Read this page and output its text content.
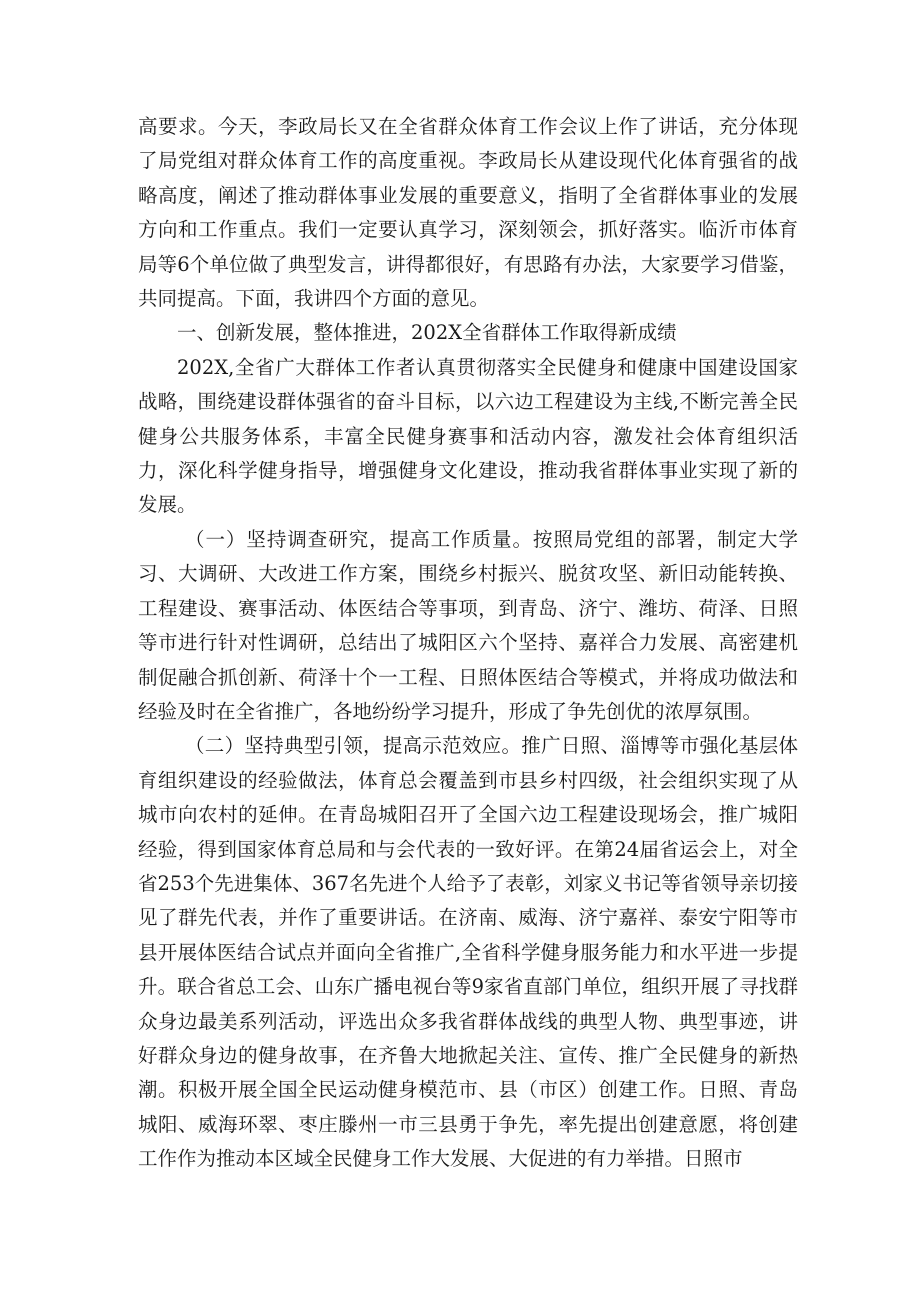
高要求。今天，李政局长又在全省群众体育工作会议上作了讲话，充分体现了局党组对群众体育工作的高度重视。李政局长从建设现代化体育强省的战略高度，阐述了推动群体事业发展的重要意义，指明了全省群体事业的发展方向和工作重点。我们一定要认真学习，深刻领会，抓好落实。临沂市体育局等6个单位做了典型发言，讲得都很好，有思路有办法，大家要学习借鉴，共同提高。下面，我讲四个方面的意见。

一、创新发展，整体推进，202X全省群体工作取得新成绩

202X,全省广大群体工作者认真贯彻落实全民健身和健康中国建设国家战略，围绕建设群体强省的奋斗目标，以六边工程建设为主线,不断完善全民健身公共服务体系，丰富全民健身赛事和活动内容，激发社会体育组织活力，深化科学健身指导，增强健身文化建设，推动我省群体事业实现了新的发展。

（一）坚持调查研究，提高工作质量。按照局党组的部署，制定大学习、大调研、大改进工作方案，围绕乡村振兴、脱贫攻坚、新旧动能转换、工程建设、赛事活动、体医结合等事项，到青岛、济宁、潍坊、荷泽、日照等市进行针对性调研，总结出了城阳区六个坚持、嘉祥合力发展、高密建机制促融合抓创新、荷泽十个一工程、日照体医结合等模式，并将成功做法和经验及时在全省推广，各地纷纷学习提升，形成了争先创优的浓厚氛围。

（二）坚持典型引领，提高示范效应。推广日照、淄博等市强化基层体育组织建设的经验做法，体育总会覆盖到市县乡村四级，社会组织实现了从城市向农村的延伸。在青岛城阳召开了全国六边工程建设现场会，推广城阳经验，得到国家体育总局和与会代表的一致好评。在第24届省运会上，对全省253个先进集体、367名先进个人给予了表彰，刘家义书记等省领导亲切接见了群先代表，并作了重要讲话。在济南、威海、济宁嘉祥、泰安宁阳等市县开展体医结合试点并面向全省推广,全省科学健身服务能力和水平进一步提升。联合省总工会、山东广播电视台等9家省直部门单位，组织开展了寻找群众身边最美系列活动，评选出众多我省群体战线的典型人物、典型事迹，讲好群众身边的健身故事，在齐鲁大地掀起关注、宣传、推广全民健身的新热潮。积极开展全国全民运动健身模范市、县（市区）创建工作。日照、青岛城阳、威海环翠、枣庄滕州一市三县勇于争先，率先提出创建意愿，将创建工作作为推动本区域全民健身工作大发展、大促进的有力举措。日照市
